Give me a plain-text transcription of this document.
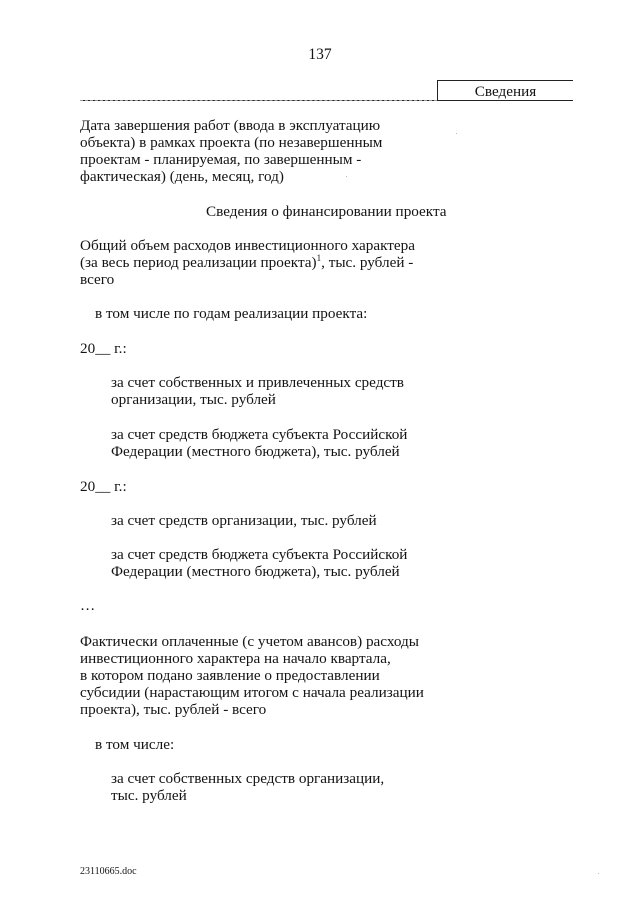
137
Сведения
Дата завершения работ (ввода в эксплуатацию
объекта) в рамках проекта (по незавершенным
проектам - планируемая, по завершенным -
фактическая) (день, месяц, год)
Сведения о финансировании проекта
Общий объем расходов инвестиционного характера
(за весь период реализации проекта)$^1$, тыс. рублей -
всего
в том числе по годам реализации проекта:
20__ г.:
за счет собственных и привлеченных средств
организации, тыс. рублей
за счет средств бюджета субъекта Российской
Федерации (местного бюджета), тыс. рублей
20__ г.:
за счет средств организации, тыс. рублей
за счет средств бюджета субъекта Российской
Федерации (местного бюджета), тыс. рублей
…
Фактически оплаченные (с учетом авансов) расходы
инвестиционного характера на начало квартала,
в котором подано заявление о предоставлении
субсидии (нарастающим итогом с начала реализации
проекта), тыс. рублей - всего
в том числе:
за счет собственных средств организации,
тыс. рублей
23110665.doc
